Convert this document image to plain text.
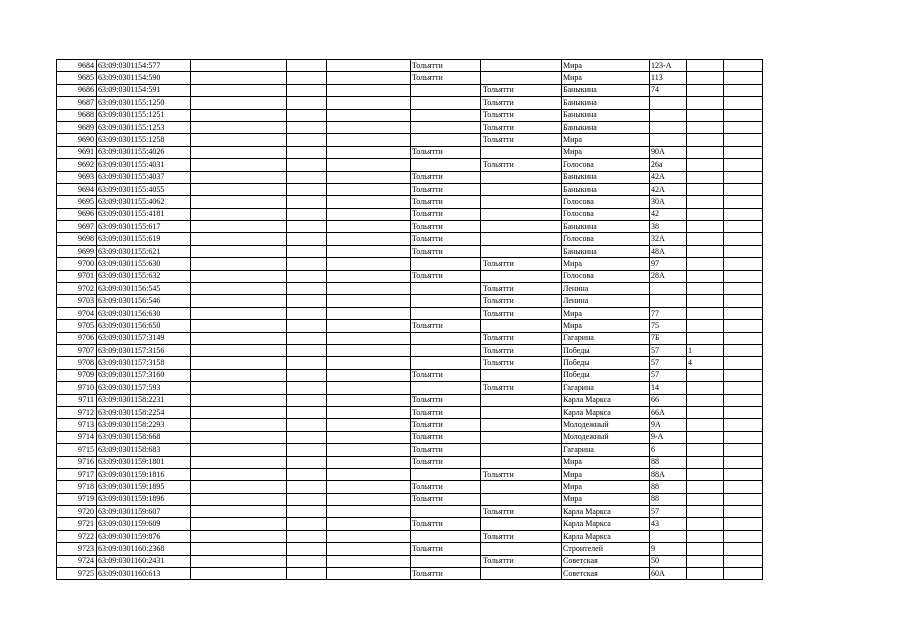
9684	63:09:0301154:577				Тольятти		Мира	123-А		
9685	63:09:0301154:590				Тольятти		Мира	113		
9686	63:09:0301154:591					Тольятти	Баныкина	74		
9687	63:09:0301155:1250					Тольятти	Баныкина			
9688	63:09:0301155:1251					Тольятти	Баныкина			
9689	63:09:0301155:1253					Тольятти	Баныкина			
9690	63:09:0301155:1258					Тольятти	Мира			
9691	63:09:0301155:4026				Тольятти		Мира	90А		
9692	63:09:0301155:4031					Тольятти	Голосова	26а		
9693	63:09:0301155:4037				Тольятти		Баныкина	42А		
9694	63:09:0301155:4055				Тольятти		Баныкина	42А		
9695	63:09:0301155:4062				Тольятти		Голосова	30А		
9696	63:09:0301155:4181				Тольятти		Голосова	42		
9697	63:09:0301155:617				Тольятти		Баныкина	38		
9698	63:09:0301155:619				Тольятти		Голосова	32А		
9699	63:09:0301155:621				Тольятти		Баныкина	48А		
9700	63:09:0301155:630					Тольятти	Мира	97		
9701	63:09:0301155:632				Тольятти		Голосова	28А		
9702	63:09:0301156:545					Тольятти	Ленина			
9703	63:09:0301156:546					Тольятти	Ленина			
9704	63:09:0301156:630					Тольятти	Мира	77		
9705	63:09:0301156:650				Тольятти		Мира	75		
9706	63:09:0301157:3149					Тольятти	Гагарина	7Б		
9707	63:09:0301157:3156					Тольятти	Победы	57	1	
9708	63:09:0301157:3158					Тольятти	Победы	57	4	
9709	63:09:0301157:3160				Тольятти		Победы	57		
9710	63:09:0301157:593					Тольятти	Гагарина	14		
9711	63:09:0301158:2231				Тольятти		Карла Маркса	66		
9712	63:09:0301158:2254				Тольятти		Карла Маркса	66А		
9713	63:09:0301158:2293				Тольятти		Молодежный	9А		
9714	63:09:0301158:668				Тольятти		Молодежный	9-А		
9715	63:09:0301158:683				Тольятти		Гагарина	6		
9716	63:09:0301159:1801				Тольятти		Мира	88		
9717	63:09:0301159:1816					Тольятти	Мира	88А		
9718	63:09:0301159:1895				Тольятти		Мира	88		
9719	63:09:0301159:1896				Тольятти		Мира	88		
9720	63:09:0301159:607					Тольятти	Карла Маркса	57		
9721	63:09:0301159:609				Тольятти		Карла Маркса	43		
9722	63:09:0301159:876					Тольятти	Карла Маркса			
9723	63:09:0301160:2368				Тольятти		Строителей	9		
9724	63:09:0301160:2431					Тольятти	Советская	50		
9725	63:09:0301160:613				Тольятти		Советская	60А		
